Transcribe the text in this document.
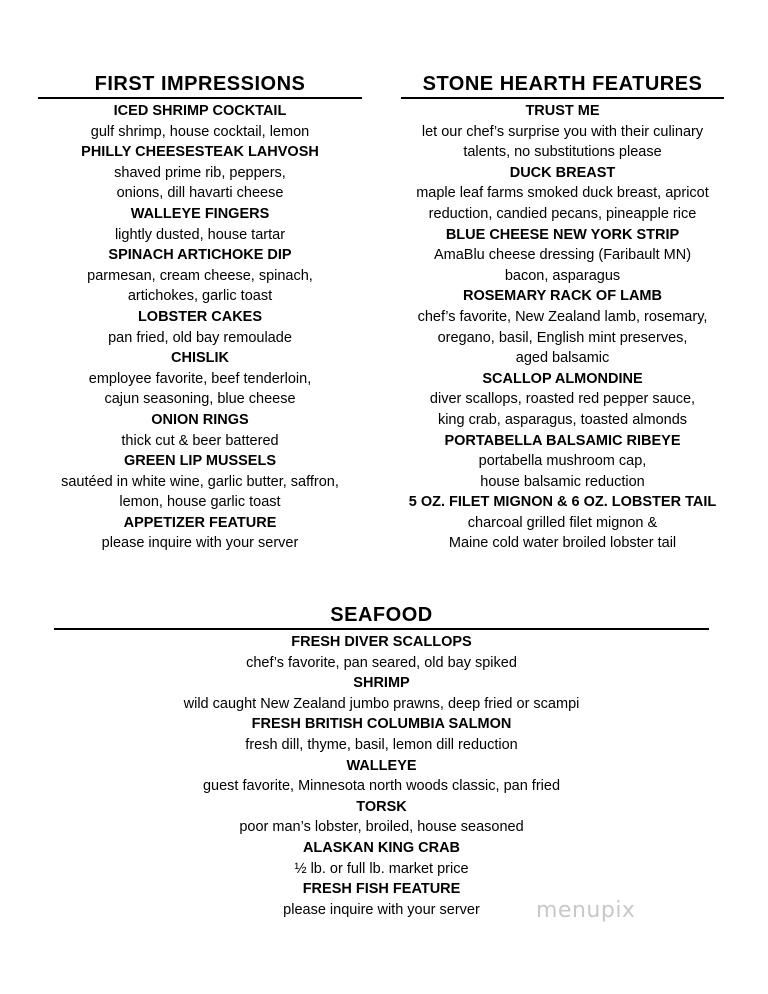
FIRST IMPRESSIONS
ICED SHRIMP COCKTAIL
gulf shrimp, house cocktail, lemon
PHILLY CHEESESTEAK LAHVOSH
shaved prime rib, peppers,
onions, dill havarti cheese
WALLEYE FINGERS
lightly dusted, house tartar
SPINACH ARTICHOKE DIP
parmesan, cream cheese, spinach,
artichokes, garlic toast
LOBSTER CAKES
pan fried, old bay remoulade
CHISLIK
employee favorite, beef tenderloin,
cajun seasoning, blue cheese
ONION RINGS
thick cut & beer battered
GREEN LIP MUSSELS
sautéed in white wine, garlic butter, saffron,
lemon, house garlic toast
APPETIZER FEATURE
please inquire with your server
STONE HEARTH FEATURES
TRUST ME
let our chef’s surprise you with their culinary
talents, no substitutions please
DUCK BREAST
maple leaf farms smoked duck breast, apricot
reduction, candied pecans, pineapple rice
BLUE CHEESE NEW YORK STRIP
AmaBlu cheese dressing (Faribault MN)
bacon, asparagus
ROSEMARY RACK OF LAMB
chef’s favorite, New Zealand lamb, rosemary,
oregano, basil, English mint preserves,
aged balsamic
SCALLOP ALMONDINE
diver scallops, roasted red pepper sauce,
king crab, asparagus, toasted almonds
PORTABELLA BALSAMIC RIBEYE
portabella mushroom cap,
house balsamic reduction
5 OZ. FILET MIGNON & 6 OZ. LOBSTER TAIL
charcoal grilled filet mignon &
Maine cold water broiled lobster tail
SEAFOOD
FRESH DIVER SCALLOPS
chef’s favorite, pan seared, old bay spiked
SHRIMP
wild caught New Zealand jumbo prawns, deep fried or scampi
FRESH BRITISH COLUMBIA SALMON
fresh dill, thyme, basil, lemon dill reduction
WALLEYE
guest favorite, Minnesota north woods classic, pan fried
TORSK
poor man’s lobster, broiled, house seasoned
ALASKAN KING CRAB
½ lb. or full lb. market price
FRESH FISH FEATURE
please inquire with your server	menupix
